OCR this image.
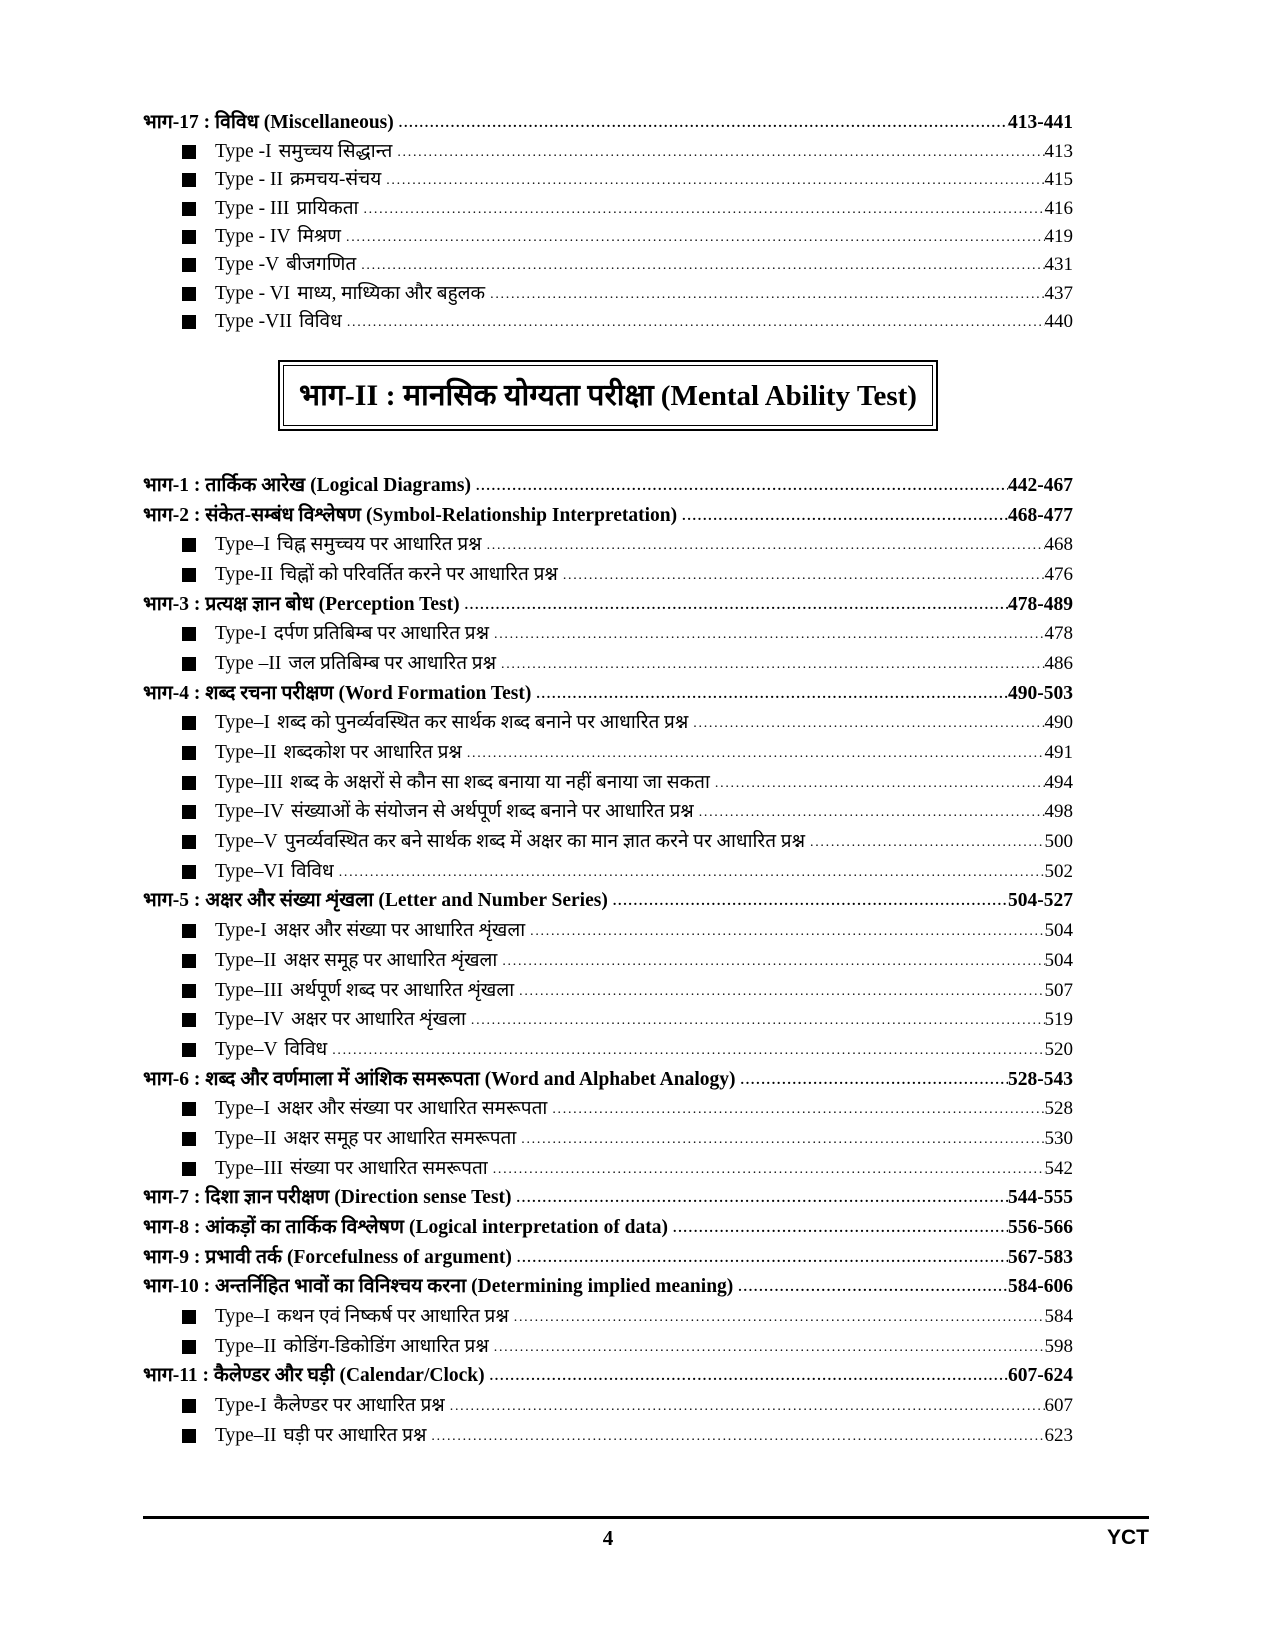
भाग-17 : विविध (Miscellaneous) .....	413-441
Type -I समुच्चय सिद्धान्त .....	413
Type - II क्रमचय-संचय .....	415
Type - III प्रायिकता .....	416
Type - IV मिश्रण .....	419
Type -V बीजगणित .....	431
Type - VI माध्य, माध्यिका और बहुलक .....	437
Type -VII विविध .....	440
भाग-II : मानसिक योग्यता परीक्षा (Mental Ability Test)
भाग-1 : तार्किक आरेख (Logical Diagrams) .....	442-467
भाग-2 : संकेत-सम्बंध विश्लेषण (Symbol-Relationship Interpretation) .....	468-477
Type–I चिह्न समुच्चय पर आधारित प्रश्न .....	468
Type-II चिह्नों को परिवर्तित करने पर आधारित प्रश्न .....	476
भाग-3 : प्रत्यक्ष ज्ञान बोध (Perception Test) .....	478-489
Type-I दर्पण प्रतिबिम्ब पर आधारित प्रश्न .....	478
Type –II जल प्रतिबिम्ब पर आधारित प्रश्न .....	486
भाग-4 : शब्द रचना परीक्षण (Word Formation Test) .....	490-503
Type–I शब्द को पुनर्व्यवस्थित कर सार्थक शब्द बनाने पर आधारित प्रश्न .....	490
Type–II शब्दकोश पर आधारित प्रश्न .....	491
Type–III शब्द के अक्षरों से कौन सा शब्द बनाया या नहीं बनाया जा सकता .....	494
Type–IV संख्याओं के संयोजन से अर्थपूर्ण शब्द बनाने पर आधारित प्रश्न .....	498
Type–V पुनर्व्यवस्थित कर बने सार्थक शब्द में अक्षर का मान ज्ञात करने पर आधारित प्रश्न .....	500
Type–VI विविध .....	502
भाग-5 : अक्षर और संख्या शृंखला (Letter and Number Series) .....	504-527
Type-I अक्षर और संख्या पर आधारित शृंखला .....	504
Type–II अक्षर समूह पर आधारित शृंखला .....	504
Type–III अर्थपूर्ण शब्द पर आधारित शृंखला .....	507
Type–IV अक्षर पर आधारित शृंखला .....	519
Type–V विविध .....	520
भाग-6 : शब्द और वर्णमाला में आंशिक समरूपता (Word and Alphabet Analogy) .....	528-543
Type–I अक्षर और संख्या पर आधारित समरूपता .....	528
Type–II अक्षर समूह पर आधारित समरूपता .....	530
Type–III संख्या पर आधारित समरूपता .....	542
भाग-7 : दिशा ज्ञान परीक्षण (Direction sense Test) .....	544-555
भाग-8 : आंकड़ों का तार्किक विश्लेषण (Logical interpretation of data) .....	556-566
भाग-9 : प्रभावी तर्क (Forcefulness of argument) .....	567-583
भाग-10 : अन्तर्निहित भावों का विनिश्चय करना (Determining implied meaning) .....	584-606
Type–I कथन एवं निष्कर्ष पर आधारित प्रश्न .....	584
Type–II कोडिंग-डिकोडिंग आधारित प्रश्न .....	598
भाग-11 : कैलेण्डर और घड़ी (Calendar/Clock) .....	607-624
Type-I कैलेण्डर पर आधारित प्रश्न .....	607
Type–II घड़ी पर आधारित प्रश्न .....	623
4	YCT
